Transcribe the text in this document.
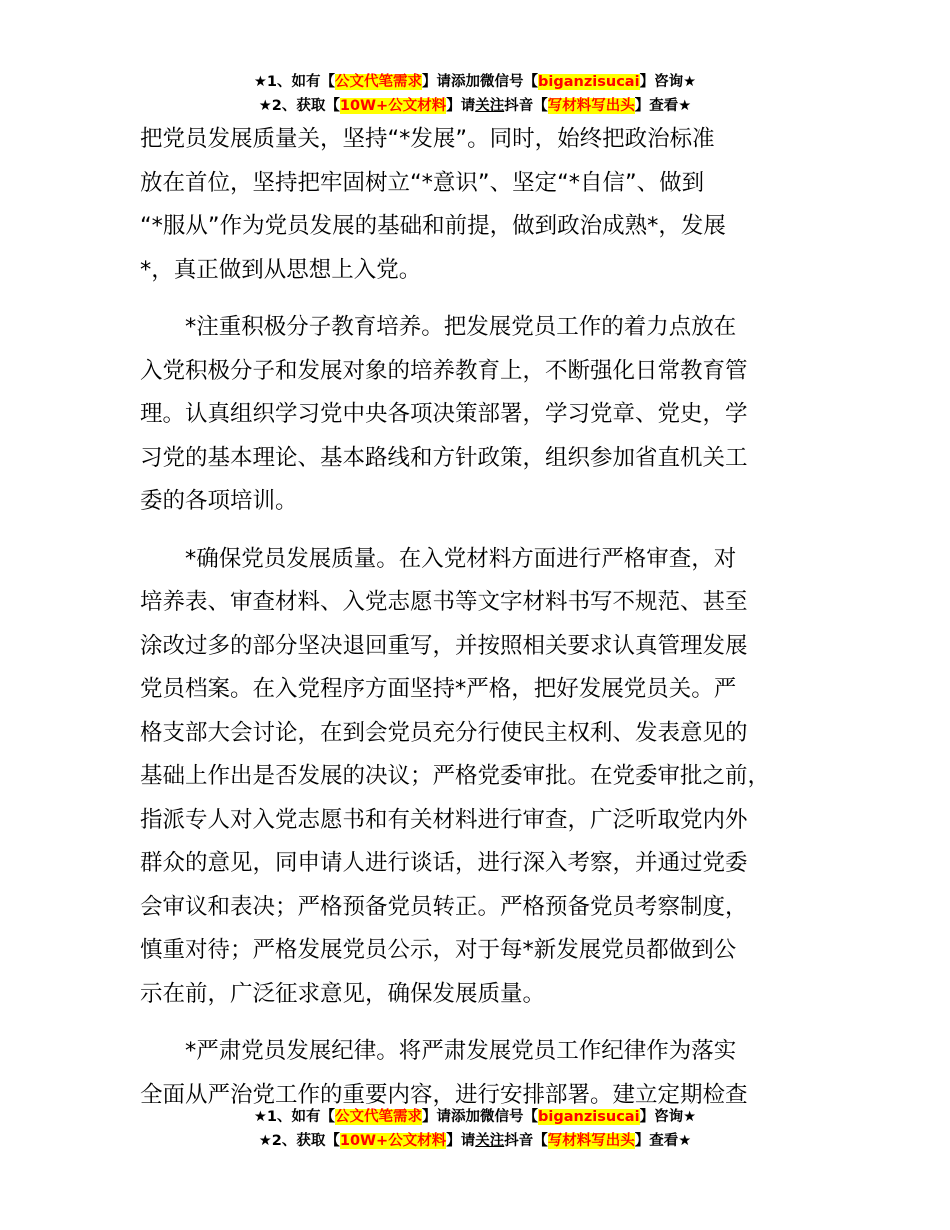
★1、如有【公文代笔需求】请添加微信号【biganzisucai】咨询★
★2、获取【10W+公文材料】请关注抖音【写材料写出头】查看★

把党员发展质量关，坚持“*发展”。同时，始终把政治标准
放在首位，坚持把牢固树立“*意识”、坚定“*自信”、做到
“*服从”作为党员发展的基础和前提，做到政治成熟*，发展
*，真正做到从思想上入党。

　　*注重积极分子教育培养。把发展党员工作的着力点放在
入党积极分子和发展对象的培养教育上，不断强化日常教育管
理。认真组织学习党中央各项决策部署，学习党章、党史，学
习党的基本理论、基本路线和方针政策，组织参加省直机关工
委的各项培训。

　　*确保党员发展质量。在入党材料方面进行严格审查，对
培养表、审查材料、入党志愿书等文字材料书写不规范、甚至
涂改过多的部分坚决退回重写，并按照相关要求认真管理发展
党员档案。在入党程序方面坚持*严格，把好发展党员关。严
格支部大会讨论，在到会党员充分行使民主权利、发表意见的
基础上作出是否发展的决议；严格党委审批。在党委审批之前，
指派专人对入党志愿书和有关材料进行审查，广泛听取党内外
群众的意见，同申请人进行谈话，进行深入考察，并通过党委
会审议和表决；严格预备党员转正。严格预备党员考察制度，
慎重对待；严格发展党员公示，对于每*新发展党员都做到公
示在前，广泛征求意见，确保发展质量。

　　*严肃党员发展纪律。将严肃发展党员工作纪律作为落实
全面从严治党工作的重要内容，进行安排部署。建立定期检查

★1、如有【公文代笔需求】请添加微信号【biganzisucai】咨询★
★2、获取【10W+公文材料】请关注抖音【写材料写出头】查看★
